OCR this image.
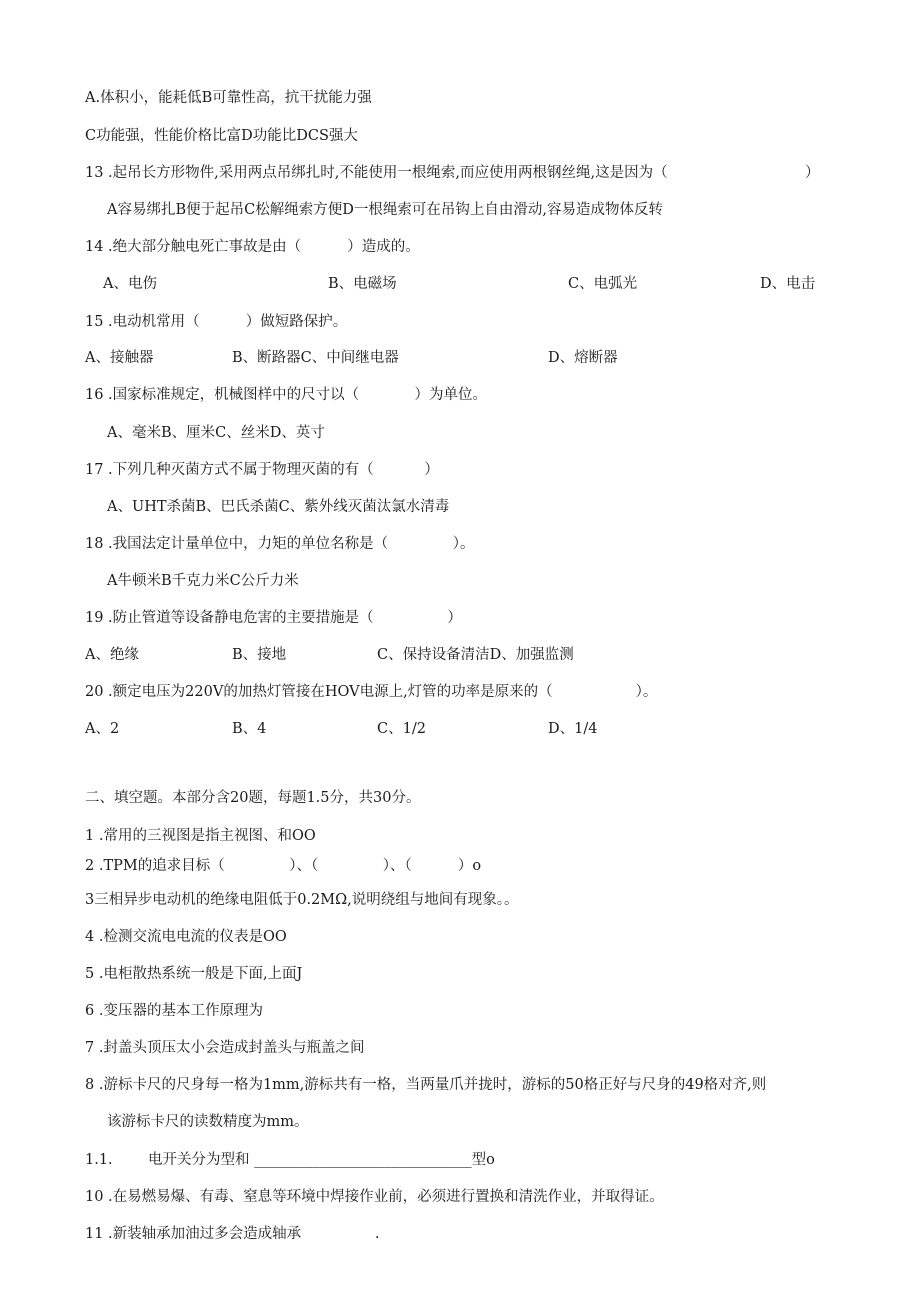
A.体积小，能耗低B可靠性高，抗干扰能力强
C功能强，性能价格比富D功能比DCS强大
13 .起吊长方形物件,采用两点吊绑扎时,不能使用一根绳索,而应使用两根钢丝绳,这是因为（	）
A容易绑扎B便于起吊C松解绳索方便D一根绳索可在吊钩上自由滑动,容易造成物体反转
14 .绝大部分触电死亡事故是由（          ）造成的。
A、电伤	B、电磁场	C、电弧光	D、电击
15 .电动机常用（          ）做短路保护。
A、接触器	B、断路器C、中间继电器	D、熔断器
16 .国家标准规定，机械图样中的尺寸以（            ）为单位。
A、毫米B、厘米C、丝米D、英寸
17 .下列几种灭菌方式不属于物理灭菌的有（           ）
A、UHT杀菌B、巴氏杀菌C、紫外线灭菌汰氯水清毒
18 .我国法定计量单位中，力矩的单位名称是（              ）。
A牛顿米B千克力米C公斤力米
19 .防止管道等设备静电危害的主要措施是（                ）
A、绝缘	B、接地	C、保持设备清洁D、加强监测
20 .额定电压为220V的加热灯管接在HOV电源上,灯管的功率是原来的（                  ）。
A、2	B、4	C、1/2	D、1/4
二、填空题。本部分含20题，每题1.5分，共30分。
1 .常用的三视图是指主视图、和OO
2 .TPM的追求目标（              ）、（              ）、（          ）o
3三相异步电动机的绝缘电阻低于0.2MΩ,说明绕组与地间有现象。。
4 .检测交流电电流的仪表是OO
5 .电柜散热系统一般是下面,上面J
6 .变压器的基本工作原理为
7 .封盖头顶压太小会造成封盖头与瓶盖之间
8 .游标卡尺的尺身每一格为1mm,游标共有一格，当两量爪并拢时，游标的50格正好与尺身的49格对齐,则
该游标卡尺的读数精度为mm。
1.1. 电开关分为型和 ______________________________型o
10 .在易燃易爆、有毒、窒息等环境中焊接作业前，必须进行置换和清洗作业，并取得证。
11 .新装轴承加油过多会造成轴承                .
